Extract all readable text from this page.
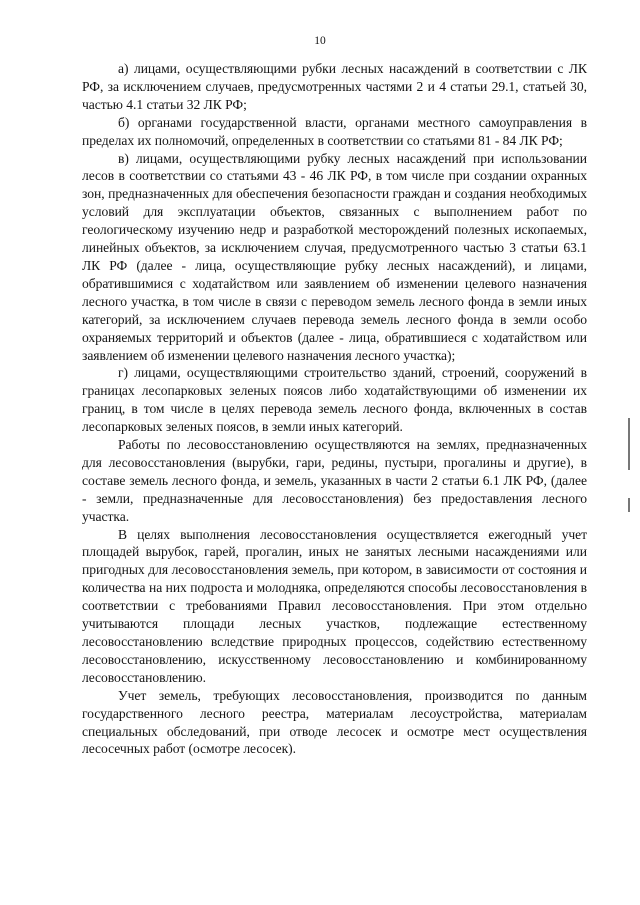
10

а) лицами, осуществляющими рубки лесных насаждений в соответствии с ЛК РФ, за исключением случаев, предусмотренных частями 2 и 4 статьи 29.1, статьей 30, частью 4.1 статьи 32 ЛК РФ;

б) органами государственной власти, органами местного самоуправления в пределах их полномочий, определенных в соответствии со статьями 81 - 84 ЛК РФ;

в) лицами, осуществляющими рубку лесных насаждений при использовании лесов в соответствии со статьями 43 - 46 ЛК РФ, в том числе при создании охранных зон, предназначенных для обеспечения безопасности граждан и создания необходимых условий для эксплуатации объектов, связанных с выполнением работ по геологическому изучению недр и разработкой месторождений полезных ископаемых, линейных объектов, за исключением случая, предусмотренного частью 3 статьи 63.1 ЛК РФ (далее - лица, осуществляющие рубку лесных насаждений), и лицами, обратившимися с ходатайством или заявлением об изменении целевого назначения лесного участка, в том числе в связи с переводом земель лесного фонда в земли иных категорий, за исключением случаев перевода земель лесного фонда в земли особо охраняемых территорий и объектов (далее - лица, обратившиеся с ходатайством или заявлением об изменении целевого назначения лесного участка);

г) лицами, осуществляющими строительство зданий, строений, сооружений в границах лесопарковых зеленых поясов либо ходатайствующими об изменении их границ, в том числе в целях перевода земель лесного фонда, включенных в состав лесопарковых зеленых поясов, в земли иных категорий.

Работы по лесовосстановлению осуществляются на землях, предназначенных для лесовосстановления (вырубки, гари, редины, пустыри, прогалины и другие), в составе земель лесного фонда, и земель, указанных в части 2 статьи 6.1 ЛК РФ, (далее - земли, предназначенные для лесовосстановления) без предоставления лесного участка.

В целях выполнения лесовосстановления осуществляется ежегодный учет площадей вырубок, гарей, прогалин, иных не занятых лесными насаждениями или пригодных для лесовосстановления земель, при котором, в зависимости от состояния и количества на них подроста и молодняка, определяются способы лесовосстановления в соответствии с требованиями Правил лесовосстановления. При этом отдельно учитываются площади лесных участков, подлежащие естественному лесовосстановлению вследствие природных процессов, содействию естественному лесовосстановлению, искусственному лесовосстановлению и комбинированному лесовосстановлению.

Учет земель, требующих лесовосстановления, производится по данным государственного лесного реестра, материалам лесоустройства, материалам специальных обследований, при отводе лесосек и осмотре мест осуществления лесосечных работ (осмотре лесосек).
